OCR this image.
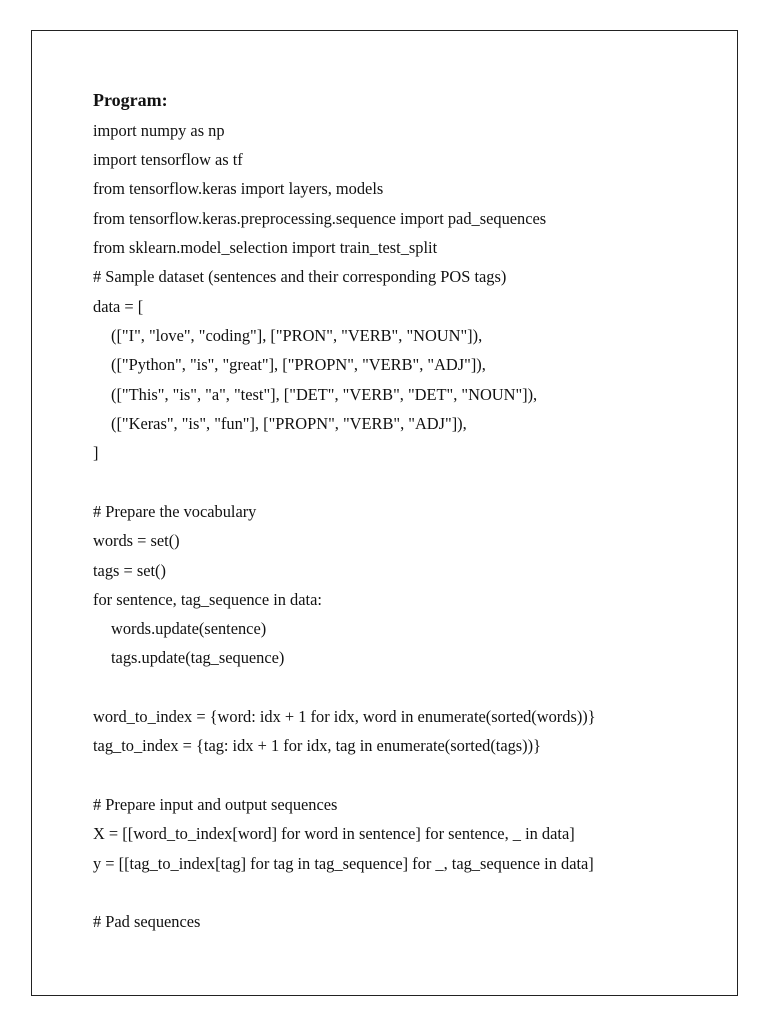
Program:
import numpy as np
import tensorflow as tf
from tensorflow.keras import layers, models
from tensorflow.keras.preprocessing.sequence import pad_sequences
from sklearn.model_selection import train_test_split
# Sample dataset (sentences and their corresponding POS tags)
data = [
(["I", "love", "coding"], ["PRON", "VERB", "NOUN"]),
(["Python", "is", "great"], ["PROPN", "VERB", "ADJ"]),
(["This", "is", "a", "test"], ["DET", "VERB", "DET", "NOUN"]),
(["Keras", "is", "fun"], ["PROPN", "VERB", "ADJ"]),
]
# Prepare the vocabulary
words = set()
tags = set()
for sentence, tag_sequence in data:
words.update(sentence)
tags.update(tag_sequence)
word_to_index = {word: idx + 1 for idx, word in enumerate(sorted(words))}
tag_to_index = {tag: idx + 1 for idx, tag in enumerate(sorted(tags))}
# Prepare input and output sequences
X = [[word_to_index[word] for word in sentence] for sentence, _ in data]
y = [[tag_to_index[tag] for tag in tag_sequence] for _, tag_sequence in data]
# Pad sequences
